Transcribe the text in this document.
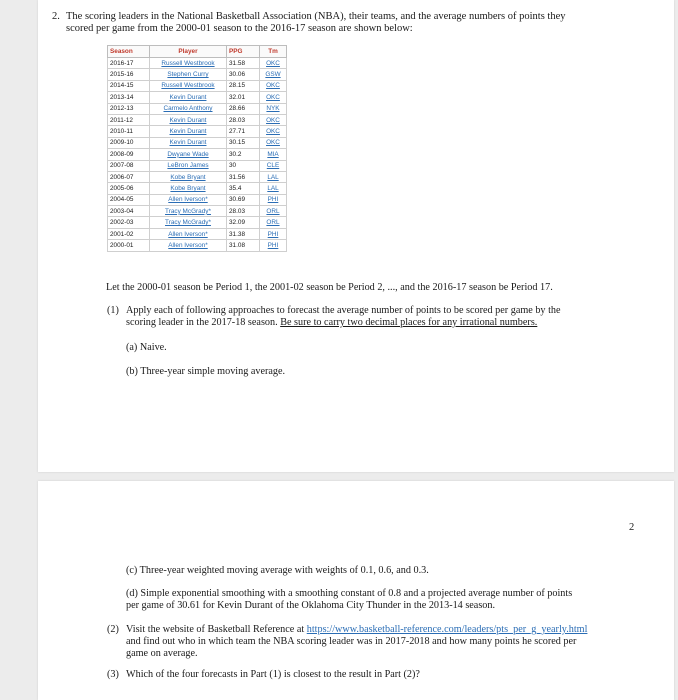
2. The scoring leaders in the National Basketball Association (NBA), their teams, and the average numbers of points they scored per game from the 2000-01 season to the 2016-17 season are shown below:
Season	Player	PPG	Tm
2016-17	Russell Westbrook	31.58	OKC
2015-16	Stephen Curry	30.06	GSW
2014-15	Russell Westbrook	28.15	OKC
2013-14	Kevin Durant	32.01	OKC
2012-13	Carmelo Anthony	28.66	NYK
2011-12	Kevin Durant	28.03	OKC
2010-11	Kevin Durant	27.71	OKC
2009-10	Kevin Durant	30.15	OKC
2008-09	Dwyane Wade	30.2	MIA
2007-08	LeBron James	30	CLE
2006-07	Kobe Bryant	31.56	LAL
2005-06	Kobe Bryant	35.4	LAL
2004-05	Allen Iverson*	30.69	PHI
2003-04	Tracy McGrady*	28.03	ORL
2002-03	Tracy McGrady*	32.09	ORL
2001-02	Allen Iverson*	31.38	PHI
2000-01	Allen Iverson*	31.08	PHI
Let the 2000-01 season be Period 1, the 2001-02 season be Period 2, ..., and the 2016-17 season be Period 17.
(1) Apply each of following approaches to forecast the average number of points to be scored per game by the scoring leader in the 2017-18 season. Be sure to carry two decimal places for any irrational numbers.
(a) Naive.
(b) Three-year simple moving average.
2
(c) Three-year weighted moving average with weights of 0.1, 0.6, and 0.3.
(d) Simple exponential smoothing with a smoothing constant of 0.8 and a projected average number of points per game of 30.61 for Kevin Durant of the Oklahoma City Thunder in the 2013-14 season.
(2) Visit the website of Basketball Reference at https://www.basketball-reference.com/leaders/pts_per_g_yearly.html and find out who in which team the NBA scoring leader was in 2017-2018 and how many points he scored per game on average.
(3) Which of the four forecasts in Part (1) is closest to the result in Part (2)?
